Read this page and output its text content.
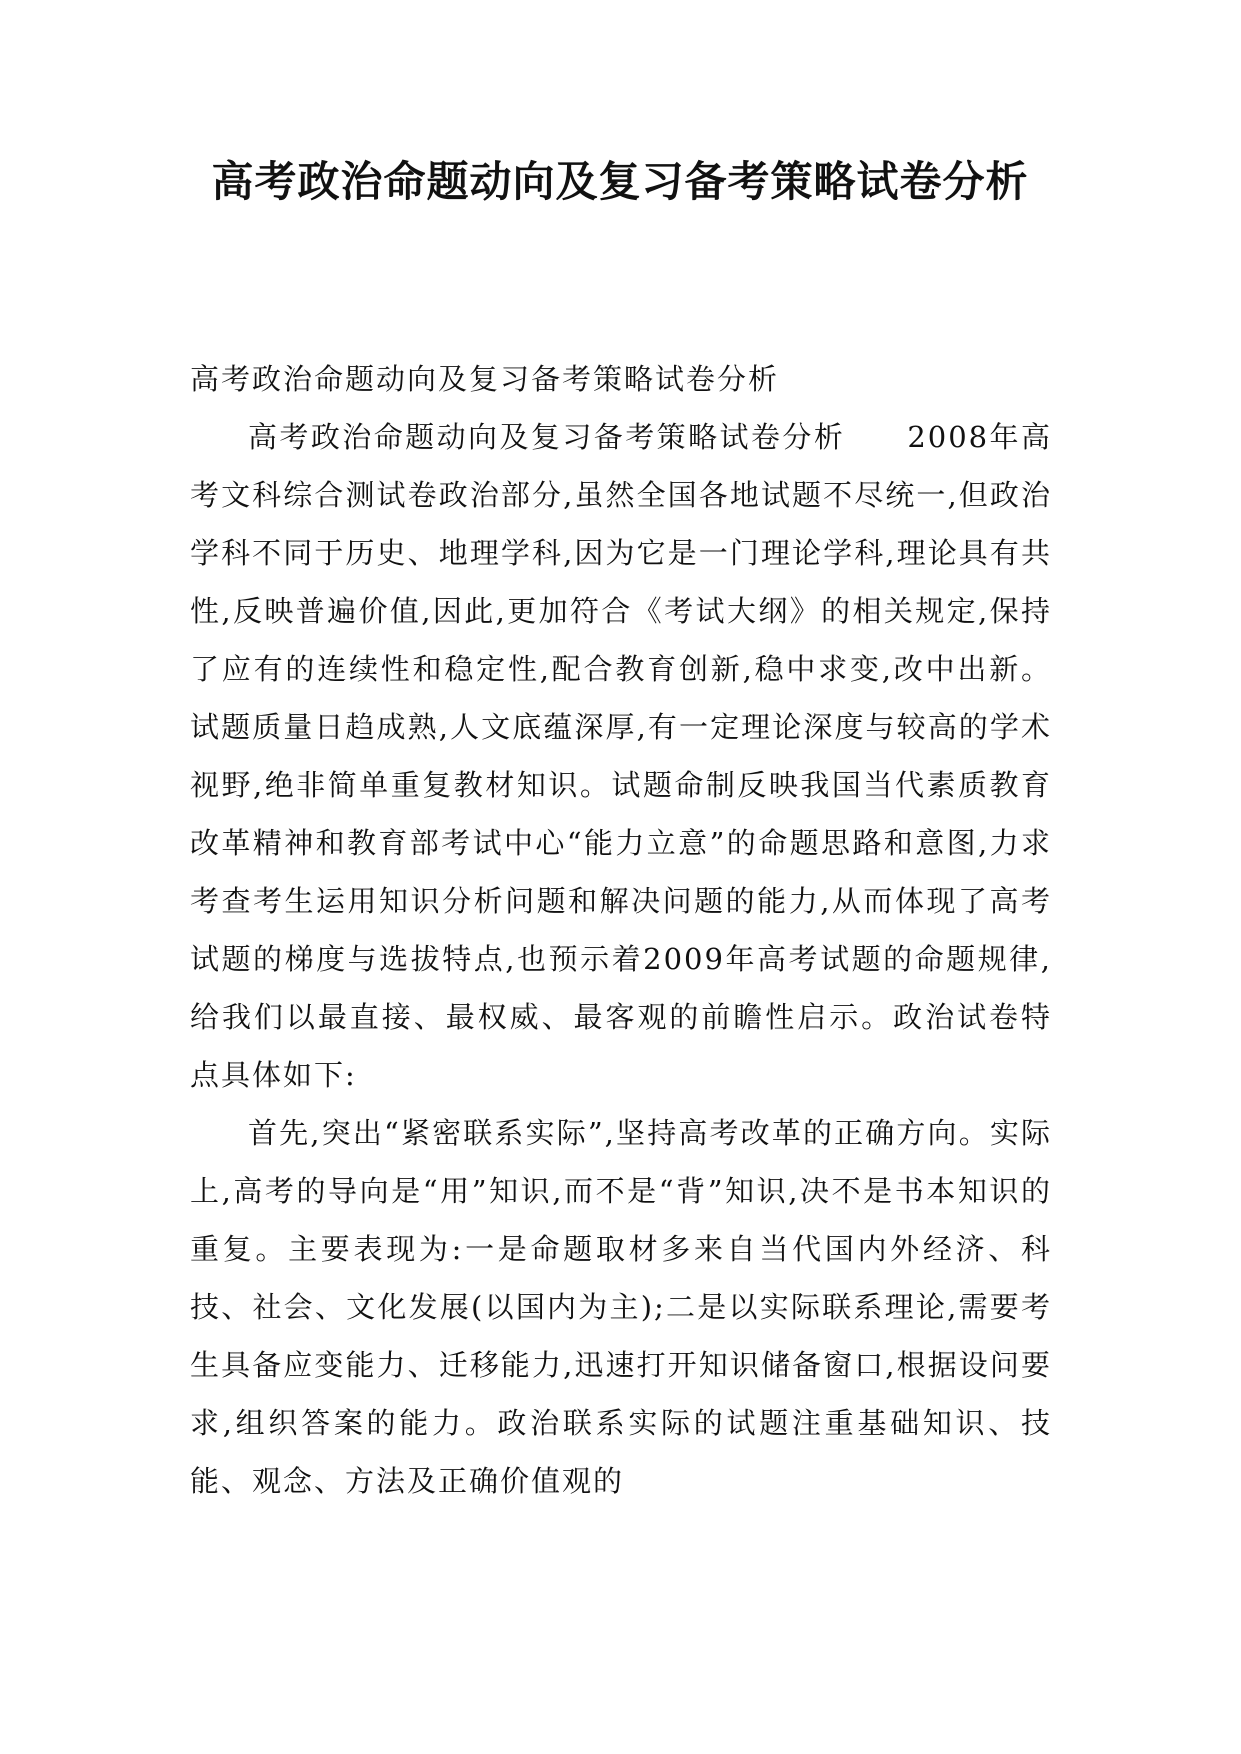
高考政治命题动向及复习备考策略试卷分析

高考政治命题动向及复习备考策略试卷分析

高考政治命题动向及复习备考策略试卷分析 2008年高考文科综合测试卷政治部分,虽然全国各地试题不尽统一,但政治学科不同于历史、地理学科,因为它是一门理论学科,理论具有共性,反映普遍价值,因此,更加符合《考试大纲》的相关规定,保持了应有的连续性和稳定性,配合教育创新,稳中求变,改中出新。试题质量日趋成熟,人文底蕴深厚,有一定理论深度与较高的学术视野,绝非简单重复教材知识。试题命制反映我国当代素质教育改革精神和教育部考试中心“能力立意”的命题思路和意图,力求考查考生运用知识分析问题和解决问题的能力,从而体现了高考试题的梯度与选拔特点,也预示着2009年高考试题的命题规律,给我们以最直接、最权威、最客观的前瞻性启示。政治试卷特点具体如下:

首先,突出“紧密联系实际”,坚持高考改革的正确方向。实际上,高考的导向是“用”知识,而不是“背”知识,决不是书本知识的重复。主要表现为:一是命题取材多来自当代国内外经济、科技、社会、文化发展(以国内为主);二是以实际联系理论,需要考生具备应变能力、迁移能力,迅速打开知识储备窗口,根据设问要求,组织答案的能力。政治联系实际的试题注重基础知识、技能、观念、方法及正确价值观的
